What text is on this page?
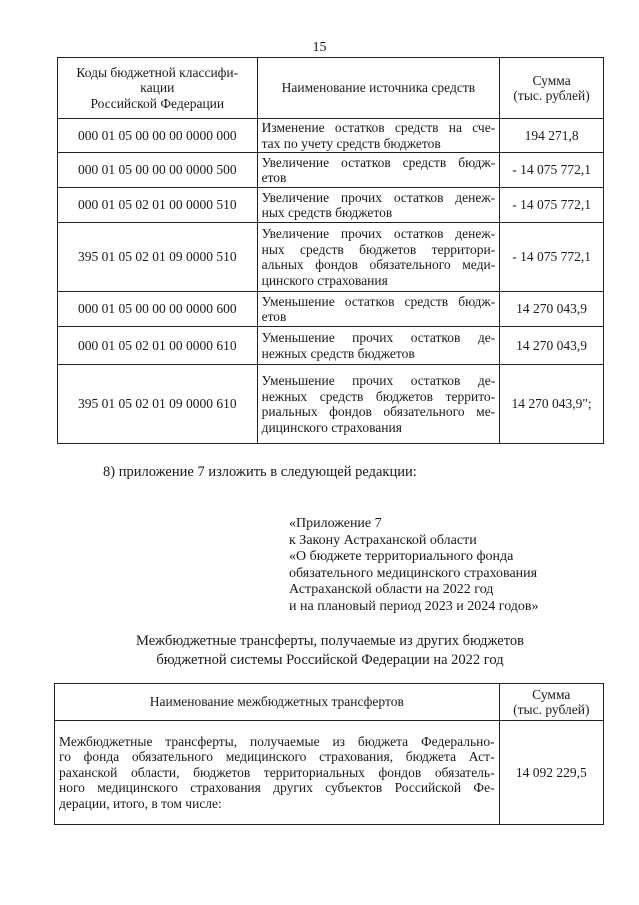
15
Коды бюджетной классифи-
кации
Российской Федерации	Наименование источника средств	Сумма
(тыс. рублей)

000 01 05 00 00 00 0000 000	Изменение остатков средств на сче-
тах по учету средств бюджетов	194 271,8
000 01 05 00 00 00 0000 500	Увеличение остатков средств бюдж-
етов	- 14 075 772,1
000 01 05 02 01 00 0000 510	Увеличение прочих остатков денеж-
ных средств бюджетов	- 14 075 772,1
395 01 05 02 01 09 0000 510	Увеличение прочих остатков денеж-
ных средств бюджетов территори-
альных фондов обязательного меди-
цинского страхования	- 14 075 772,1
000 01 05 00 00 00 0000 600	Уменьшение остатков средств бюдж-
етов	14 270 043,9
000 01 05 02 01 00 0000 610	Уменьшение прочих остатков де-
нежных средств бюджетов	14 270 043,9
395 01 05 02 01 09 0000 610	Уменьшение прочих остатков де-
нежных средств бюджетов террито-
риальных фондов обязательного ме-
дицинского страхования	14 270 043,9";
8) приложение 7 изложить в следующей редакции:
«Приложение 7
к Закону Астраханской области
«О бюджете территориального фонда
обязательного медицинского страхования
Астраханской области на 2022 год
и на плановый период 2023 и 2024 годов»
Межбюджетные трансферты, получаемые из других бюджетов
бюджетной системы Российской Федерации на 2022 год
Наименование межбюджетных трансфертов	Сумма
(тыс. рублей)

Межбюджетные трансферты, получаемые из бюджета Федерально-
го фонда обязательного медицинского страхования, бюджета Аст-
раханской области, бюджетов территориальных фондов обязатель-
ного медицинского страхования других субъектов Российской Фе-
дерации, итого, в том числе:	14 092 229,5
